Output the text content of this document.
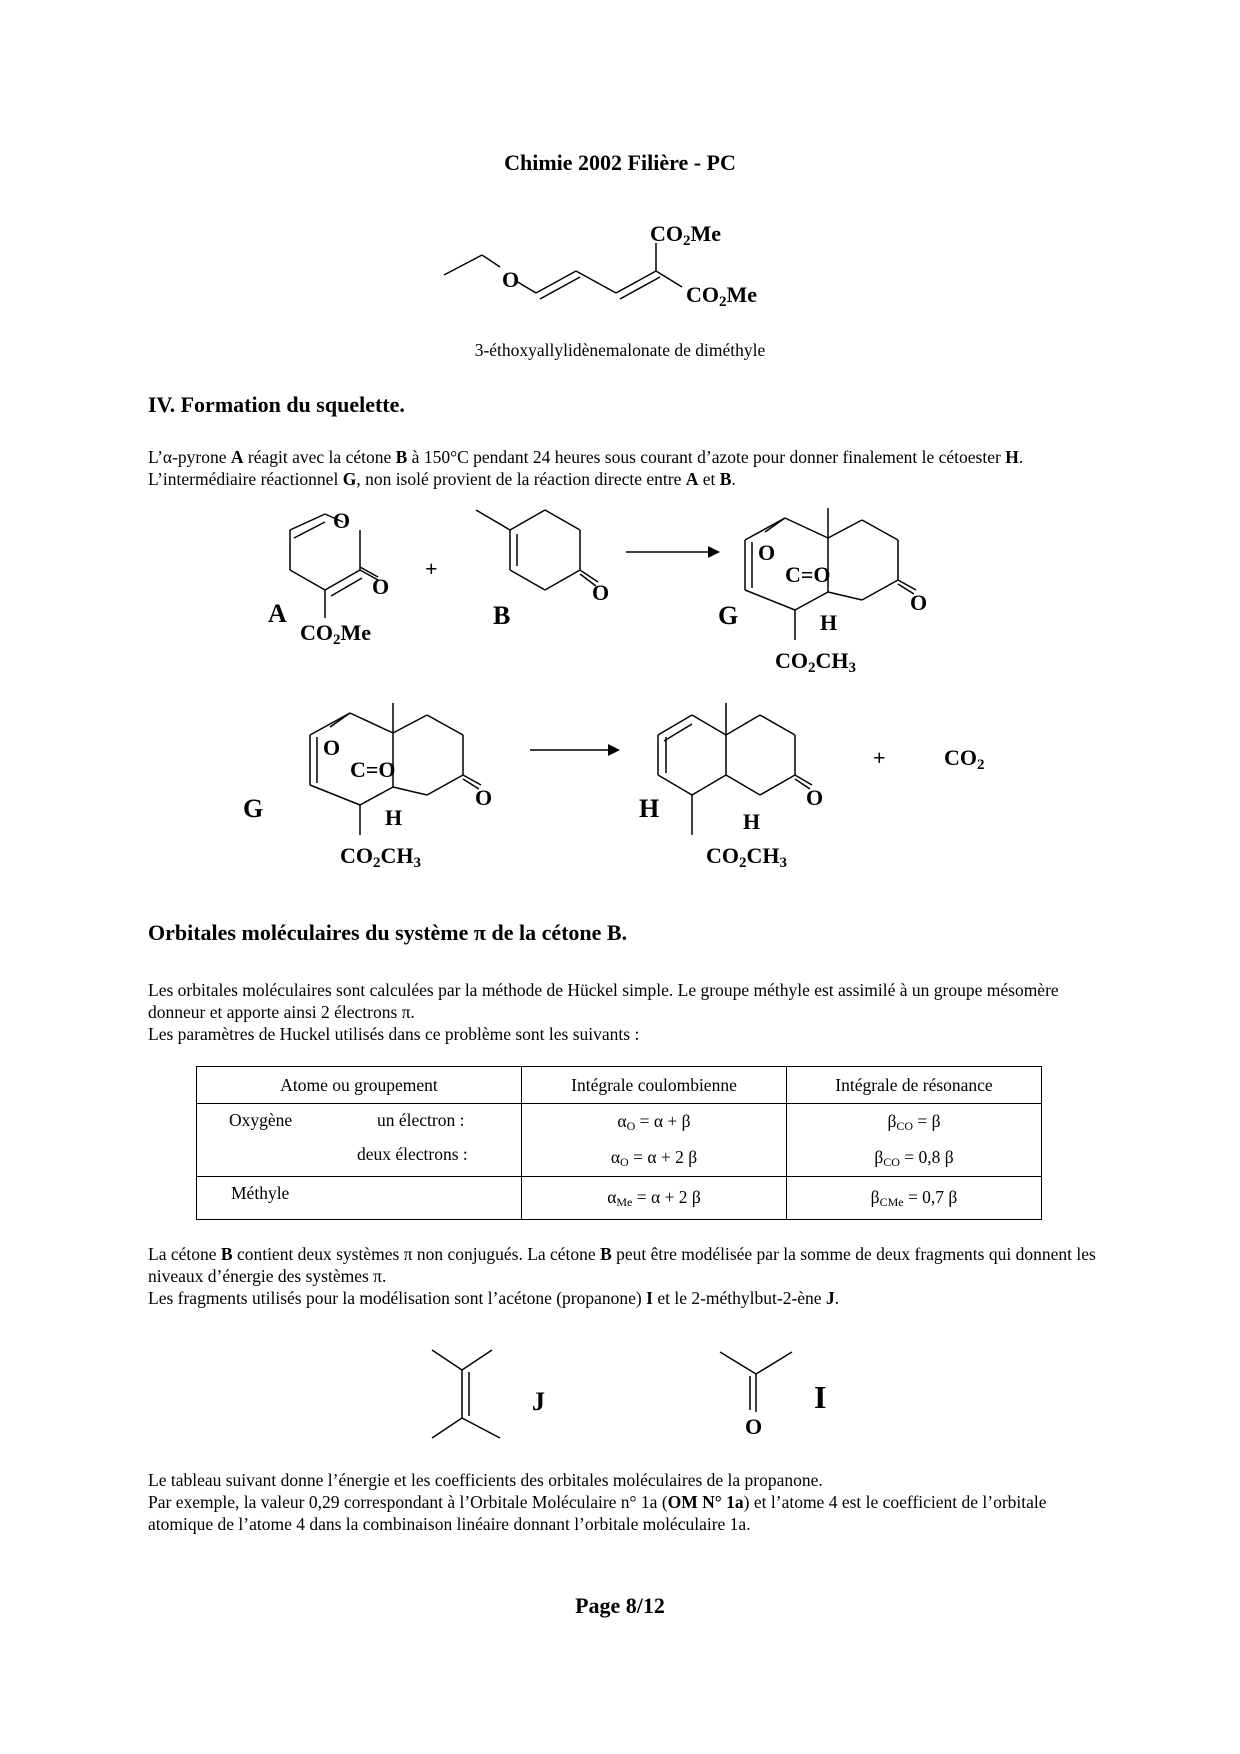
Chimie 2002 Filière - PC
O
CO2Me
CO2Me
3-éthoxyallylidènemalonate de diméthyle
IV. Formation du squelette.
L’α-pyrone A réagit avec la cétone B à 150°C pendant 24 heures sous courant d’azote pour donner finalement le cétoester H. L’intermédiaire réactionnel G, non isolé provient de la réaction directe entre A et B.
O
O
A
CO2Me
+
O
B
O
C=O
O
G	H
CO2CH3
O
C=O
O
G	H
CO2CH3
H	O
H
CO2CH3
+	CO2
Orbitales moléculaires du système π de la cétone B.
Les orbitales moléculaires sont calculées par la méthode de Hückel simple. Le groupe méthyle est assimilé à un groupe mésomère donneur et apporte ainsi 2 électrons π.
Les paramètres de Huckel utilisés dans ce problème sont les suivants :
Atome ou groupement	Intégrale coulombienne	Intégrale de résonance

Oxygène un électron :	$\alpha_O = \alpha + \beta$	$\beta_{CO} = \beta$

deux électrons :	$\alpha_O = \alpha + 2$ β	$\beta_{CO} = 0,8$ β
Méthyle	$\alpha_{Me} = \alpha + 2$ β	$\beta_{CMe} = 0,7$ β
La cétone B contient deux systèmes π non conjugués. La cétone B peut être modélisée par la somme de deux fragments qui donnent les niveaux d’énergie des systèmes π.
Les fragments utilisés pour la modélisation sont l’acétone (propanone) I et le 2-méthylbut-2-ène J.
J
O
I
Le tableau suivant donne l’énergie et les coefficients des orbitales moléculaires de la propanone.
Par exemple, la valeur 0,29 correspondant à l’Orbitale Moléculaire n° 1a (OM N° 1a) et l’atome 4 est le coefficient de l’orbitale atomique de l’atome 4 dans la combinaison linéaire donnant l’orbitale moléculaire 1a.
Page 8/12
